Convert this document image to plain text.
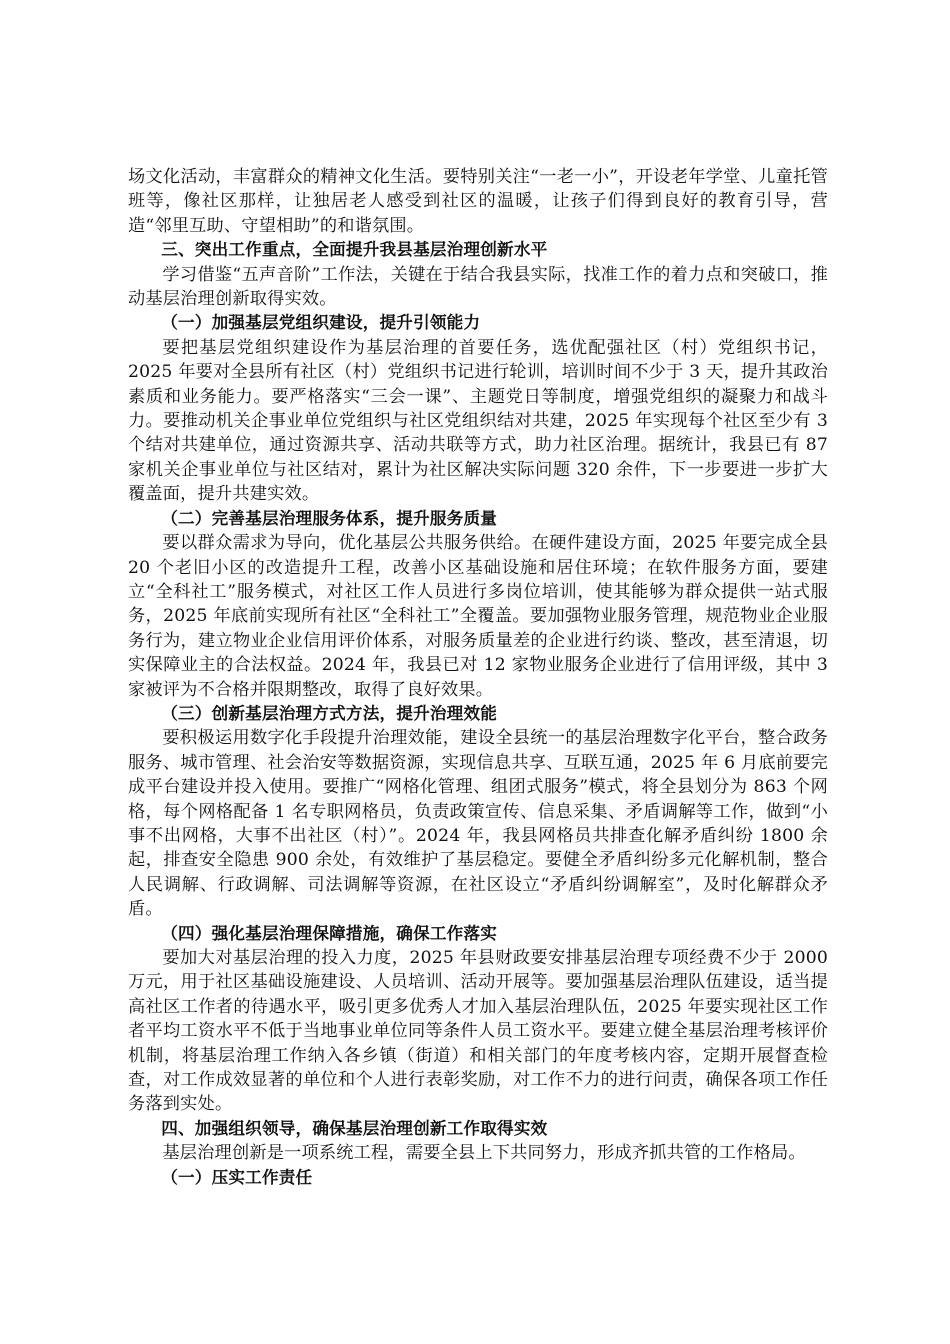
场文化活动，丰富群众的精神文化生活。要特别关注“一老一小”，开设老年学堂、儿童托管班等，像社区那样，让独居老人感受到社区的温暖，让孩子们得到良好的教育引导，营造“邻里互助、守望相助”的和谐氛围。

三、突出工作重点，全面提升我县基层治理创新水平

学习借鉴“五声音阶”工作法，关键在于结合我县实际，找准工作的着力点和突破口，推动基层治理创新取得实效。

（一）加强基层党组织建设，提升引领能力

要把基层党组织建设作为基层治理的首要任务，选优配强社区（村）党组织书记，2025 年要对全县所有社区（村）党组织书记进行轮训，培训时间不少于 3 天，提升其政治素质和业务能力。要严格落实“三会一课”、主题党日等制度，增强党组织的凝聚力和战斗力。要推动机关企事业单位党组织与社区党组织结对共建，2025 年实现每个社区至少有 3 个结对共建单位，通过资源共享、活动共联等方式，助力社区治理。据统计，我县已有 87 家机关企事业单位与社区结对，累计为社区解决实际问题 320 余件，下一步要进一步扩大覆盖面，提升共建实效。

（二）完善基层治理服务体系，提升服务质量

要以群众需求为导向，优化基层公共服务供给。在硬件建设方面，2025 年要完成全县 20 个老旧小区的改造提升工程，改善小区基础设施和居住环境；在软件服务方面，要建立“全科社工”服务模式，对社区工作人员进行多岗位培训，使其能够为群众提供一站式服务，2025 年底前实现所有社区“全科社工”全覆盖。要加强物业服务管理，规范物业企业服务行为，建立物业企业信用评价体系，对服务质量差的企业进行约谈、整改，甚至清退，切实保障业主的合法权益。2024 年，我县已对 12 家物业服务企业进行了信用评级，其中 3 家被评为不合格并限期整改，取得了良好效果。

（三）创新基层治理方式方法，提升治理效能

要积极运用数字化手段提升治理效能，建设全县统一的基层治理数字化平台，整合政务服务、城市管理、社会治安等数据资源，实现信息共享、互联互通，2025 年 6 月底前要完成平台建设并投入使用。要推广“网格化管理、组团式服务”模式，将全县划分为 863 个网格，每个网格配备 1 名专职网格员，负责政策宣传、信息采集、矛盾调解等工作，做到“小事不出网格，大事不出社区（村）”。2024 年，我县网格员共排查化解矛盾纠纷 1800 余起，排查安全隐患 900 余处，有效维护了基层稳定。要健全矛盾纠纷多元化解机制，整合人民调解、行政调解、司法调解等资源，在社区设立“矛盾纠纷调解室”，及时化解群众矛盾。

（四）强化基层治理保障措施，确保工作落实

要加大对基层治理的投入力度，2025 年县财政要安排基层治理专项经费不少于 2000 万元，用于社区基础设施建设、人员培训、活动开展等。要加强基层治理队伍建设，适当提高社区工作者的待遇水平，吸引更多优秀人才加入基层治理队伍，2025 年要实现社区工作者平均工资水平不低于当地事业单位同等条件人员工资水平。要建立健全基层治理考核评价机制，将基层治理工作纳入各乡镇（街道）和相关部门的年度考核内容，定期开展督查检查，对工作成效显著的单位和个人进行表彰奖励，对工作不力的进行问责，确保各项工作任务落到实处。

四、加强组织领导，确保基层治理创新工作取得实效

基层治理创新是一项系统工程，需要全县上下共同努力，形成齐抓共管的工作格局。

（一）压实工作责任
